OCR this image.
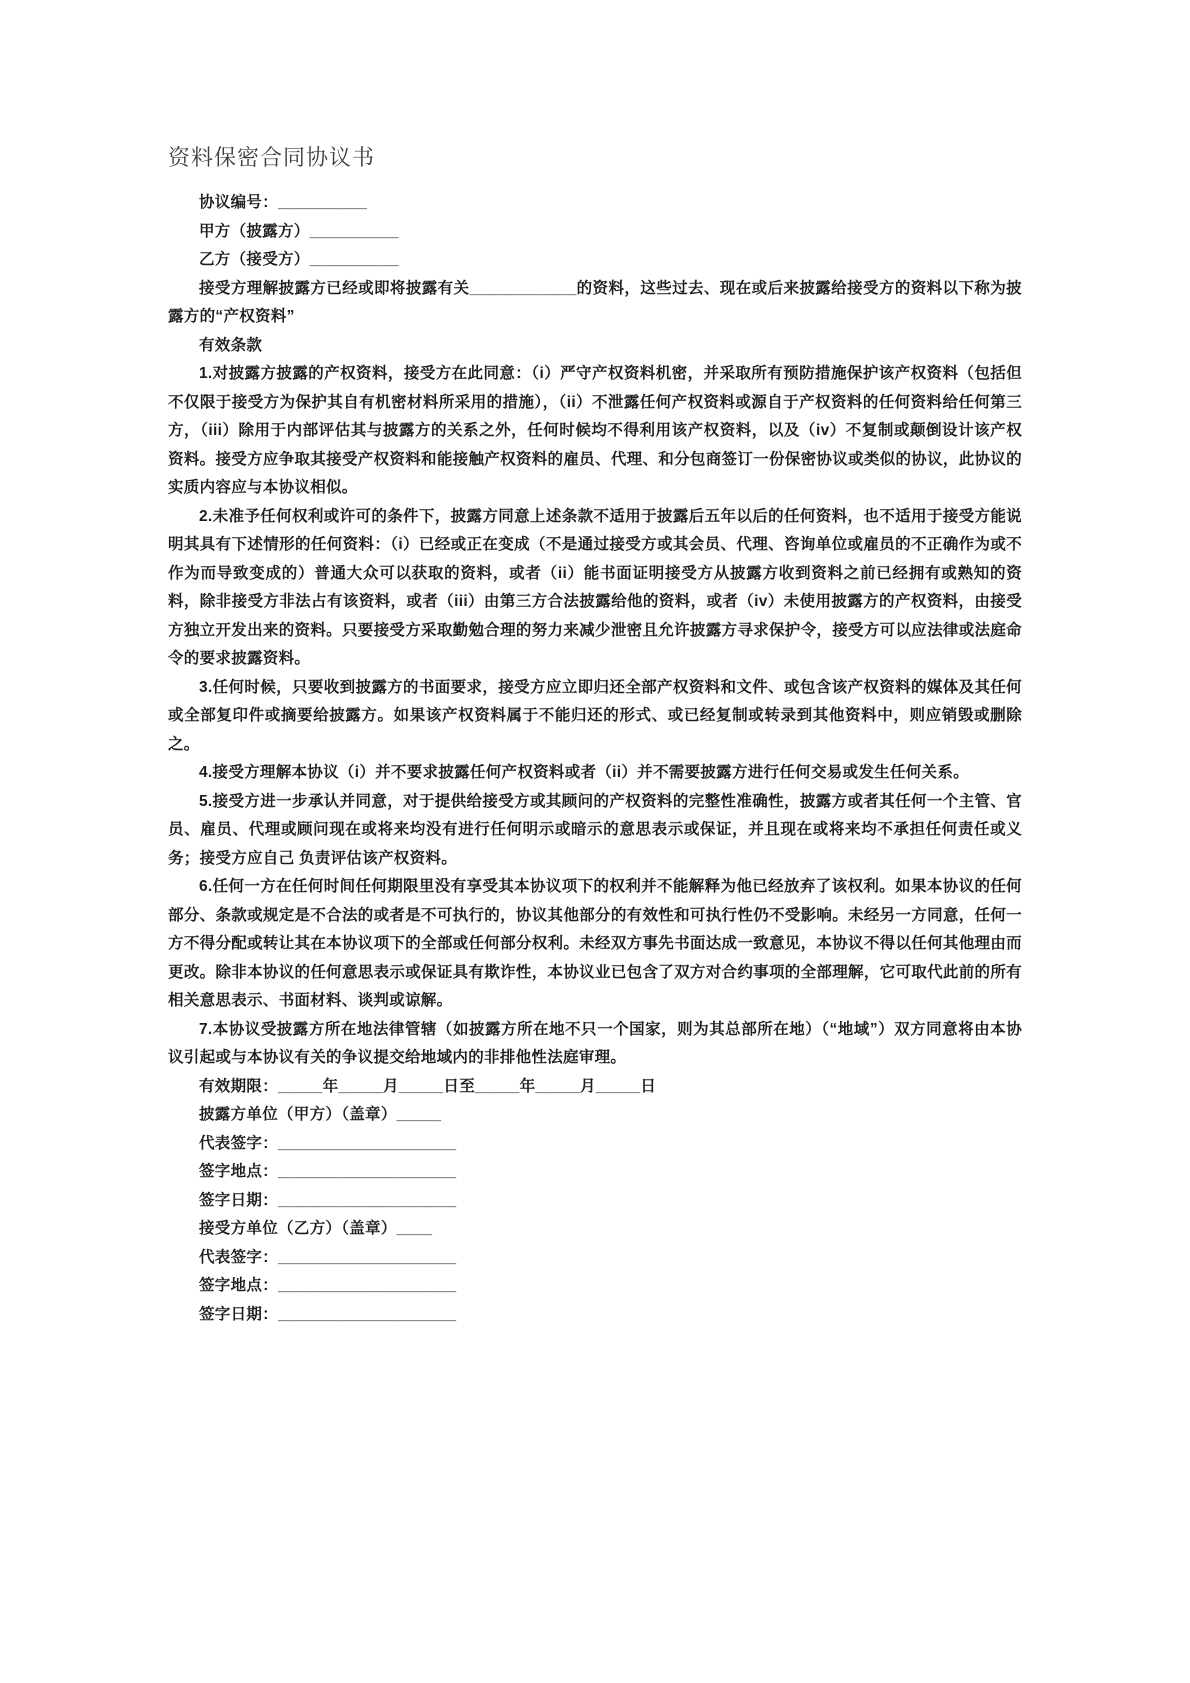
资料保密合同协议书

协议编号：__________

甲方（披露方）__________

乙方（接受方）__________

接受方理解披露方已经或即将披露有关____________的资料，这些过去、现在或后来披露给接受方的资料以下称为披露方的“产权资料”

有效条款

1.对披露方披露的产权资料，接受方在此同意：（i）严守产权资料机密，并采取所有预防措施保护该产权资料（包括但不仅限于接受方为保护其自有机密材料所采用的措施），（ii）不泄露任何产权资料或源自于产权资料的任何资料给任何第三方，（iii）除用于内部评估其与披露方的关系之外，任何时候均不得利用该产权资料，以及（iv）不复制或颠倒设计该产权资料。接受方应争取其接受产权资料和能接触产权资料的雇员、代理、和分包商签订一份保密协议或类似的协议，此协议的实质内容应与本协议相似。

2.未准予任何权利或许可的条件下，披露方同意上述条款不适用于披露后五年以后的任何资料，也不适用于接受方能说明其具有下述情形的任何资料：（i）已经或正在变成（不是通过接受方或其会员、代理、咨询单位或雇员的不正确作为或不作为而导致变成的）普通大众可以获取的资料，或者（ii）能书面证明接受方从披露方收到资料之前已经拥有或熟知的资料，除非接受方非法占有该资料，或者（iii）由第三方合法披露给他的资料，或者（iv）未使用披露方的产权资料，由接受方独立开发出来的资料。只要接受方采取勤勉合理的努力来减少泄密且允许披露方寻求保护令，接受方可以应法律或法庭命令的要求披露资料。

3.任何时候，只要收到披露方的书面要求，接受方应立即归还全部产权资料和文件、或包含该产权资料的媒体及其任何或全部复印件或摘要给披露方。如果该产权资料属于不能归还的形式、或已经复制或转录到其他资料中，则应销毁或删除之。

4.接受方理解本协议（i）并不要求披露任何产权资料或者（ii）并不需要披露方进行任何交易或发生任何关系。

5.接受方进一步承认并同意，对于提供给接受方或其顾问的产权资料的完整性准确性，披露方或者其任何一个主管、官员、雇员、代理或顾问现在或将来均没有进行任何明示或暗示的意思表示或保证，并且现在或将来均不承担任何责任或义务；接受方应自己 负责评估该产权资料。

6.任何一方在任何时间任何期限里没有享受其本协议项下的权利并不能解释为他已经放弃了该权利。如果本协议的任何部分、条款或规定是不合法的或者是不可执行的，协议其他部分的有效性和可执行性仍不受影响。未经另一方同意，任何一方不得分配或转让其在本协议项下的全部或任何部分权利。未经双方事先书面达成一致意见，本协议不得以任何其他理由而更改。除非本协议的任何意思表示或保证具有欺诈性，本协议业已包含了双方对合约事项的全部理解，它可取代此前的所有相关意思表示、书面材料、谈判或谅解。

7.本协议受披露方所在地法律管辖（如披露方所在地不只一个国家，则为其总部所在地）（“地域”）双方同意将由本协议引起或与本协议有关的争议提交给地域内的非排他性法庭审理。

有效期限：_____年_____月_____日至_____年_____月_____日

披露方单位（甲方）（盖章）_____

代表签字：____________________

签字地点：____________________

签字日期：____________________

接受方单位（乙方）（盖章）____

代表签字：____________________

签字地点：____________________

签字日期：____________________
